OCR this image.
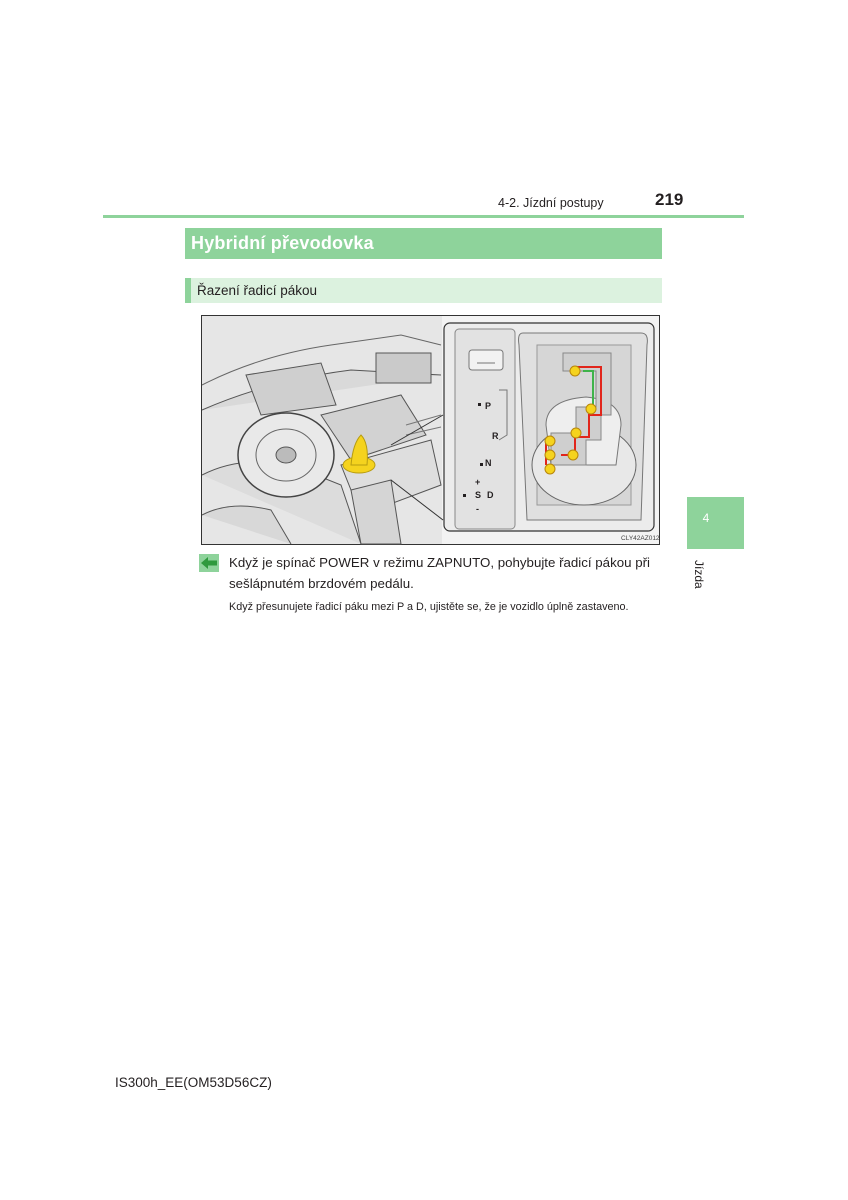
4-2. Jízdní postupy	219
Hybridní převodovka
Řazení řadicí pákou
P
R
N
+
S
-
D
CLY42AZ012
Když je spínač POWER v režimu ZAPNUTO, pohybujte řadicí pákou při sešlápnutém brzdovém pedálu.
Když přesunujete řadicí páku mezi P a D, ujistěte se, že je vozidlo úplně zastaveno.
4
Jízda
IS300h_EE(OM53D56CZ)
